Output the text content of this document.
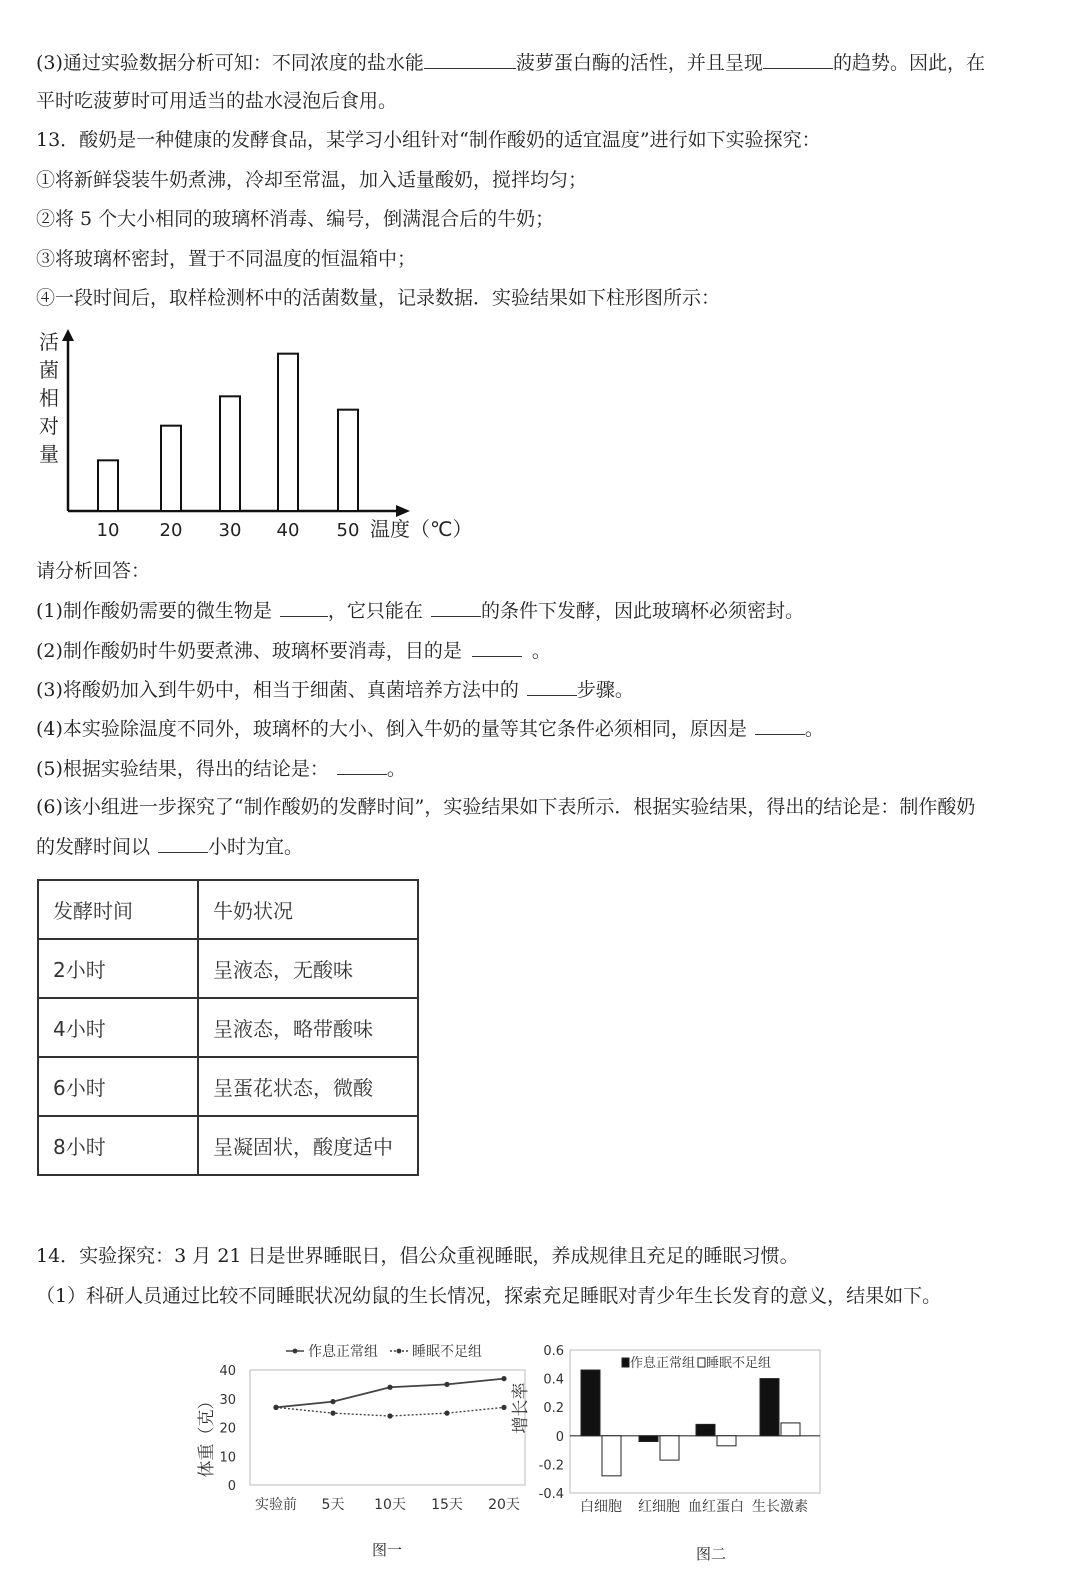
(3)通过实验数据分析可知：不同浓度的盐水能	菠萝蛋白酶的活性，并且呈现	的趋势。因此，在
平时吃菠萝时可用适当的盐水浸泡后食用。
13．酸奶是一种健康的发酵食品，某学习小组针对“制作酸奶的适宜温度”进行如下实验探究：
①将新鲜袋装牛奶煮沸，冷却至常温，加入适量酸奶，搅拌均匀；
②将 5 个大小相同的玻璃杯消毒、编号，倒满混合后的牛奶；
③将玻璃杯密封，置于不同温度的恒温箱中；
④一段时间后，取样检测杯中的活菌数量，记录数据．实验结果如下柱形图所示：
活菌相对量
温度（℃）
10 20 30 40 50
请分析回答：
(1)制作酸奶需要的微生物是	，它只能在	的条件下发酵，因此玻璃杯必须密封。
(2)制作酸奶时牛奶要煮沸、玻璃杯要消毒，目的是	。
(3)将酸奶加入到牛奶中，相当于细菌、真菌培养方法中的	步骤。
(4)本实验除温度不同外，玻璃杯的大小、倒入牛奶的量等其它条件必须相同，原因是	。
(5)根据实验结果，得出的结论是：	。
(6)该小组进一步探究了“制作酸奶的发酵时间”，实验结果如下表所示．根据实验结果，得出的结论是：制作酸奶
的发酵时间以	小时为宜。
发酵时间	牛奶状况
2小时	呈液态，无酸味
4小时	呈液态，略带酸味
6小时	呈蛋花状态，微酸
8小时	呈凝固状，酸度适中
14．实验探究：3 月 21 日是世界睡眠日，倡公众重视睡眠，养成规律且充足的睡眠习惯。
（1）科研人员通过比较不同睡眠状况幼鼠的生长情况，探索充足睡眠对青少年生长发育的意义，结果如下。
体重（克）
0
10
20
30
40
实验前 5天 10天 15天 20天
作息正常组 睡眠不足组
增长率
-0.4
-0.2
0
0.2
0.4
0.6
白细胞 红细胞 血红蛋白 生长激素
作息正常组 睡眠不足组
图一	图二
